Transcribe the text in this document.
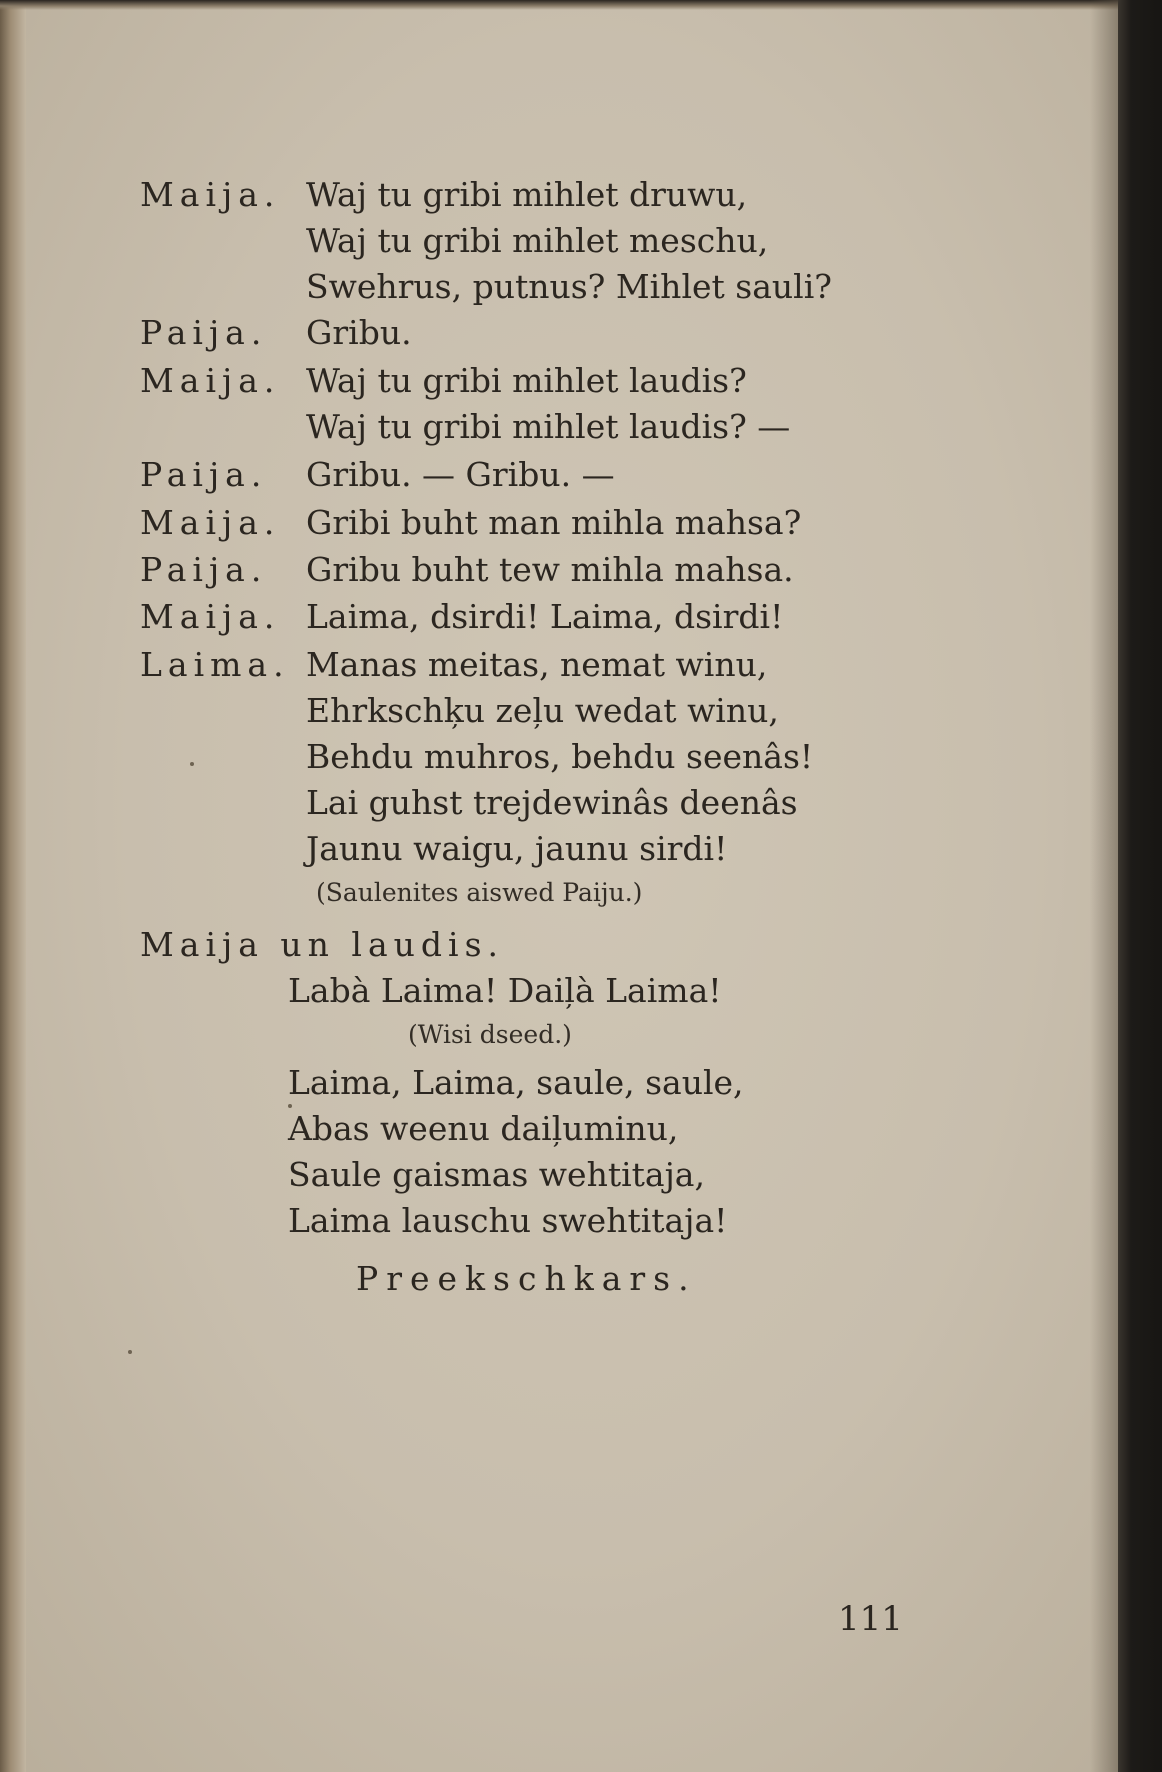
Maija. Waj tu gribi mihlet druwu,
Waj tu gribi mihlet meschu,
Swehrus, putnus? Mihlet sauli?
Paija. Gribu.
Maija. Waj tu gribi mihlet laudis?
Waj tu gribi mihlet laudis? —
Paija. Gribu. — Gribu. —
Maija. Gribi buht man mihla mahsa?
Paija. Gribu buht tew mihla mahsa.
Maija. Laima, dsirdi! Laima, dsirdi!
Laima. Manas meitas, nemat winu,
Ehrkschķu zeļu wedat winu,
Behdu muhros, behdu seenâs!
Lai guhst trejdewinâs deenâs
Jaunu waigu, jaunu sirdi!
(Saulenites aiswed Paiju.)
Maija un laudis.
Labà Laima! Daiļà Laima!
(Wisi dseed.)
Laima, Laima, saule, saule,
Abas weenu daiļuminu,
Saule gaismas wehtitaja,
Laima lauschu swehtitaja!
Preekschkars.
111
